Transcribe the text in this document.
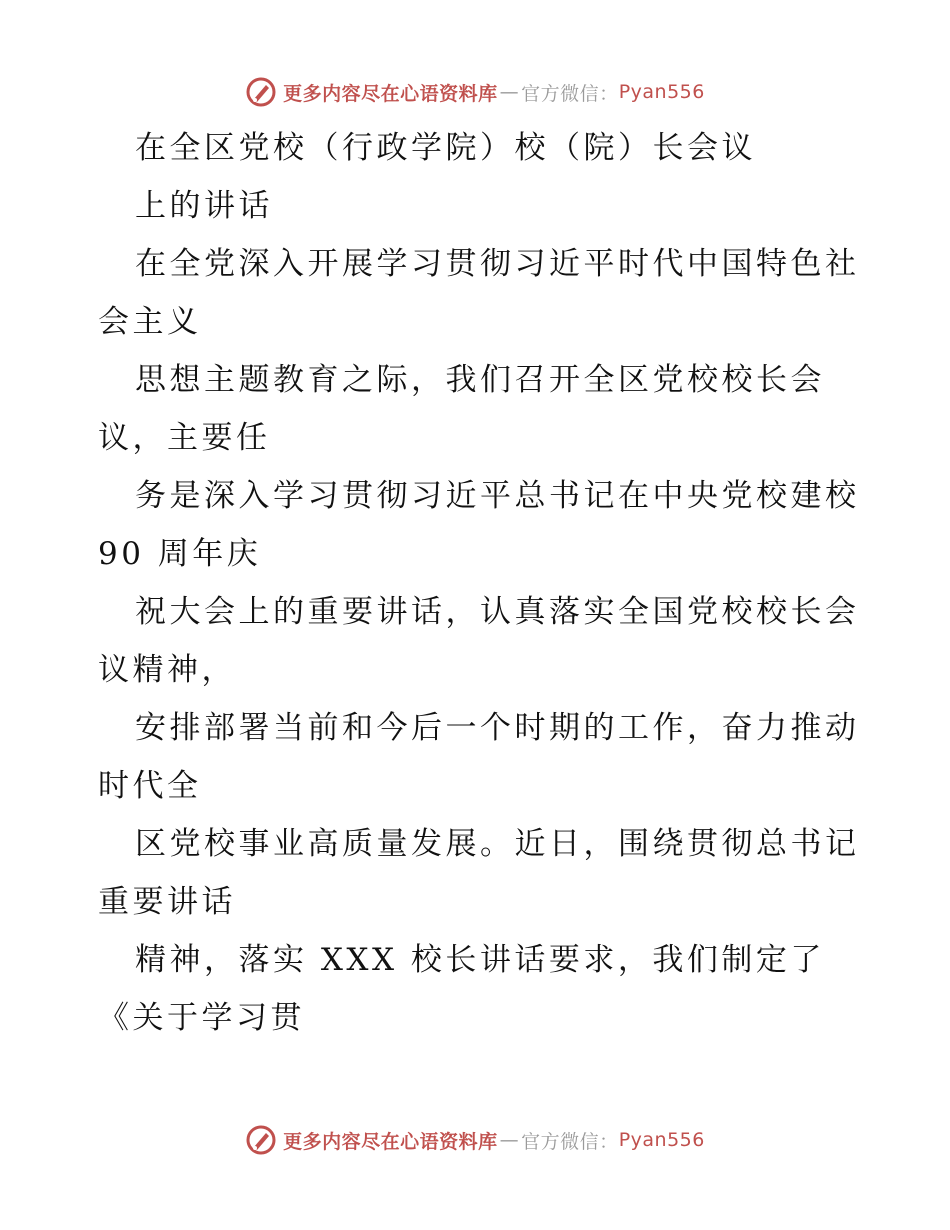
更多内容尽在心语资料库 — 官方微信： Pyan556
在全区党校（行政学院）校（院）长会议
上的讲话
在全党深入开展学习贯彻习近平时代中国特色社
会主义
思想主题教育之际，我们召开全区党校校长会
议，主要任
务是深入学习贯彻习近平总书记在中央党校建校
90 周年庆
祝大会上的重要讲话，认真落实全国党校校长会
议精神，
安排部署当前和今后一个时期的工作，奋力推动
时代全
区党校事业高质量发展。近日，围绕贯彻总书记
重要讲话
精神，落实 XXX 校长讲话要求，我们制定了
《关于学习贯
更多内容尽在心语资料库 — 官方微信： Pyan556
